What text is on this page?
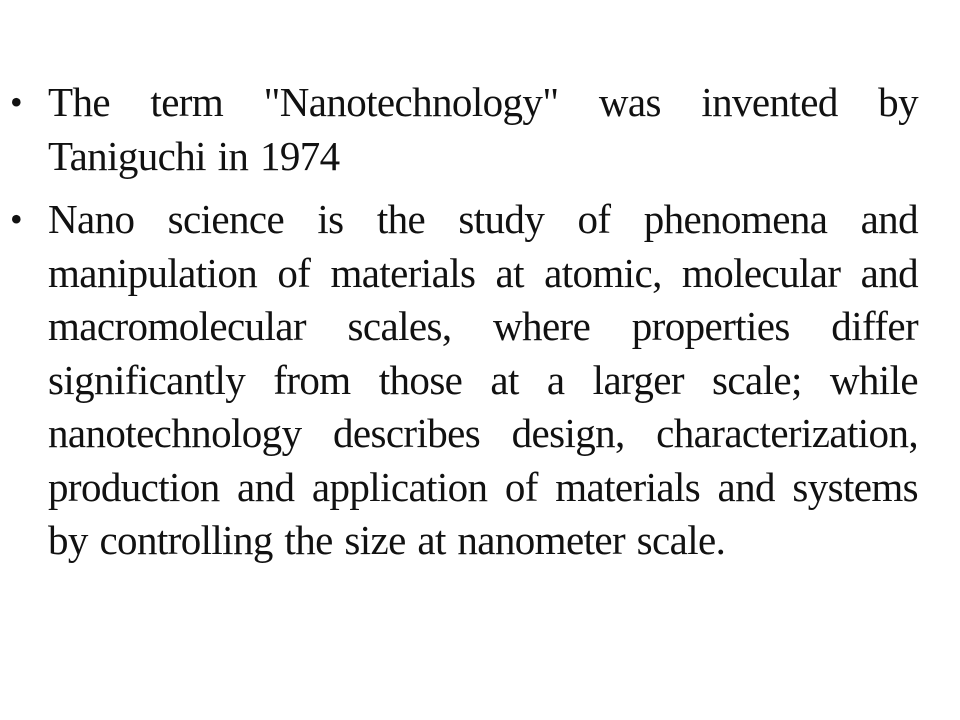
• The term "Nanotechnology" was invented by Taniguchi in 1974
• Nano science is the study of phenomena and manipulation of materials at atomic, molecular and macromolecular scales, where properties differ significantly from those at a larger scale; while nanotechnology describes design, characterization, production and application of materials and systems by controlling the size at nanometer scale.
